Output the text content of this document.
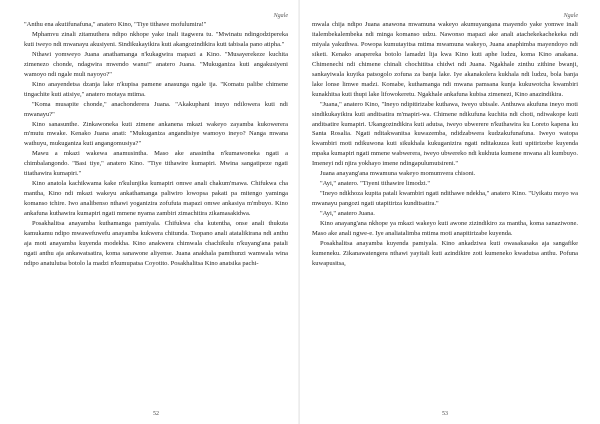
Ngale

"Anthu ena akutifunafuna," anatero Kino, "Tiye tithawe mofulumira!"

Mphamvu zinali zitamuthera ndipo nkhope yake inali itagwera tu. "Mwinatu ndingodzipereka kuti iweyo ndi mwanayu akusiyeni. Sindikukayikira kuti akangozindikira kuti tabisala pano atipha."

Nthawi yomweyo Juana anathamanga n'kukagwira mapazi a Kino. "Musayerekeze kuchita zimenezo chonde, ndagwira mwendo wanu!" anatero Juana. "Mukuganiza kuti angakusiyeni wamoyo ndi ngale muli nayoyo?"

Kino anayendetsa dzanja lake n'kupisa pamene anasunga ngale ija. "Komatu palibe chimene tingachite kuti atisiye," anatero motaya mtima.

"Koma musapite chonde," anachonderera Juana. "Akakuphani inuyo ndilowera kuti ndi mwanayu?"

Kino sanasunthe. Zinkawoneka kuti zimene ankanena mkazi wakeyo zayamba kukowerera m'mutu mwake. Kenako Juana anati: "Mukuganiza angandisiye wamoyo ineyo? Nanga mwana wathuyu, mukuganiza kuti angangomusiya?"

Mawu a mkazi wakewa anamusintha. Maso ake anasintha n'kumawoneka ngati a chimbalangondo. "Basi tiye," anatero Kino. "Tiye tithawire kumapiri. Mwina sangatipeze ngati titathawira kumapiri."

Kino anatola kachikwama kake n'kulunjika kumapiri omwe anali chakum'mawa. Chifukwa cha mantha, Kino ndi mkazi wakeyu ankathamanga paliwiro lowopsa pakati pa mitengo yaminga komanso tchire. Iwo analibenso nthawi yoganizira zofufuta mapazi omwe ankasiya m'mbuyo. Kino ankafuna kuthawira kumapiri ngati mmene nyama zambiri zimachitira zikamasakidwa.

Posakhalitsa anayamba kuthamanga pamiyala. Chifukwa cha kutentha, onse anali thukuta kamukamu ndipo mwawefuwefu anayamba kukwera chitunda. Tsopano anali atatalikirana ndi anthu aja moti anayamba kuyenda modekha. Kino anakwera chimwala chachikulu n'kuyang'ana patali ngati anthu aja ankawatsatira, koma sanawone aliyense. Juana anakhala pamthunzi wamwala wina ndipo anatulutsa botolo la madzi n'kumupatsa Coyotito. Posakhalitsa Kino anatsika pachi-

52
Ngale

mwala chija ndipo Juana anawona mwamuna wakeyo akumuyangana mayendo yake yomwe inali italembekalembeka ndi minga komanso udzu. Nawonso mapazi ake anali atachekekachekeka ndi miyala yakuthwa. Powopa kumutayitsa mtima mwamuna wakeyo, Juana anaphimba mayendoyo ndi siketi. Kenako anapereka botolo lamadzi lija kwa Kino kuti aphe ludzu, koma Kino anakana. Chimenechi ndi chimene chinali chochititsa chidwi ndi Juana. Ngakhale zinthu zithine bwanji, sankayiwala kuyika patsogolo zofuna za banja lake. Iye akanakolera kukhala ndi ludzu, bola banja lake lonse limwe madzi. Komabe, kuthamanga ndi mwana pamsana kunja kukuwotcha kwambiri kunakhitsa kuti thupi lake lifowokeretu. Ngakhale ankafuna kubisa zimenezi, Kino anazindikira.

"Juana," anatero Kino, "Ineyo ndipitirizabe kuthawa, iweyo ubisale. Anthuwa akufuna ineyo moti sindikukayikira kuti anditsatira m'mapiri-wa. Chimene ndikufuna kuchita ndi choti, ndiwakope kuti anditsatire kumapiri. Ukangozindikira kuti adutsa, iweyo ubwerere n'kuthawira ku Loreto kapena ku Santa Rosalia. Ngati nditakwanitsa kuwazemba, ndidzabwera kudzakufunafuna. Iweyo watopa kwambiri moti ndikuwona kuti sikukhala kukuganizira ngati nditakuuza kuti upitirizebe kuyenda mpaka kumapiri ngati mmene wabwerera, iweyo ubwereko ndi kukhuta kumene mwana ali kumbuyo. Imeneyi ndi njira yokhayo imene ndingapulumutsireni."

Juana anayang'ana mwamuna wakeyo momumvera chisoni.

"Ayi," anatero. "Tiyeni tithawire limodzi."

"Ineyo ndikhoza kupita patali kwambiri ngati ndithawe ndekha," anatero Kino. "Uyikatu moyo wa mwanayu pangozi ngati utapitiriza kunditsatira."

"Ayi," anatero Juana.

Kino anayang'ana nkhope ya mkazi wakeyo kuti awone zizindikiro za mantha, koma sanaziwone. Maso ake anali ngwe-e. Iye analiatalimba mtima moti anapitirizabe kuyenda.

Posakhalitsa anayamba kuyenda pamiyala. Kino ankadziwa kuti owasakasaka aja sangafike kumeneku. Zikanawatengera nthawi yayitali kuti azindikire zoti kumeneko kwadutsa anthu. Pofuna kuwapusitsa,

53
